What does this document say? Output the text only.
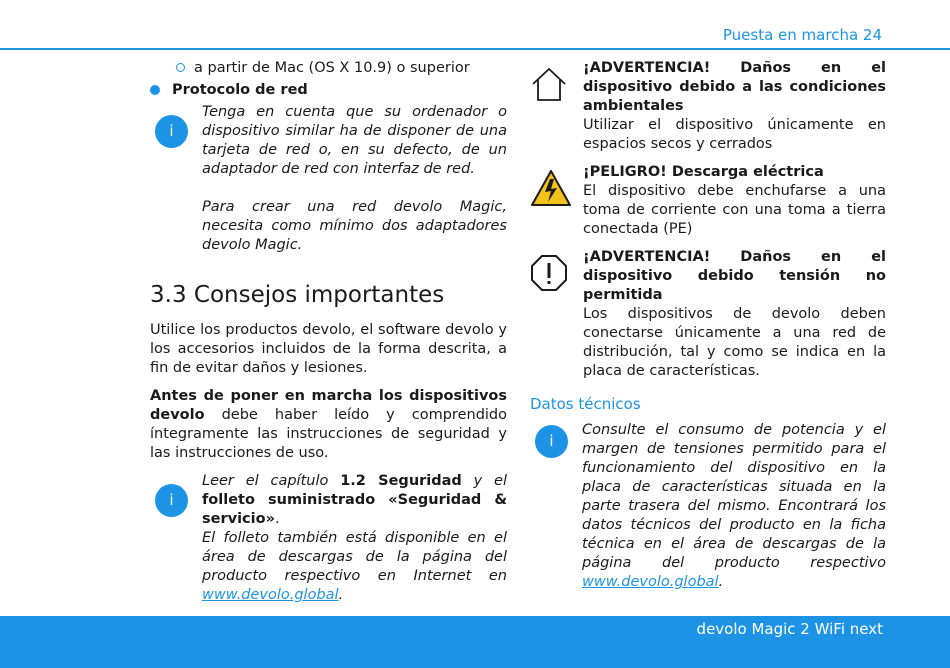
Puesta en marcha 24
a partir de Mac (OS X 10.9) o superior
Protocolo de red
i
Tenga en cuenta que su ordenador o dispositivo similar ha de disponer de una tarjeta de red o, en su defecto, de un adaptador de red con interfaz de red.
Para crear una red devolo Magic, necesita como mínimo dos adaptadores devolo Magic.
3.3 Consejos importantes
Utilice los productos devolo, el software devolo y los accesorios incluidos de la forma descrita, a fin de evitar daños y lesiones.
Antes de poner en marcha los dispositivos devolo debe haber leído y comprendido íntegramente las instrucciones de seguridad y las instrucciones de uso.
i
Leer el capítulo 1.2 Seguridad y el folleto suministrado «Seguridad & servicio».
El folleto también está disponible en el área de descargas de la página del producto respectivo en Internet en www.devolo.global.
¡ADVERTENCIA! Daños en el dispositivo debido a las condiciones ambientales
Utilizar el dispositivo únicamente en espacios secos y cerrados
¡PELIGRO! Descarga eléctrica
El dispositivo debe enchufarse a una toma de corriente con una toma a tierra conectada (PE)
¡ADVERTENCIA! Daños en el dispositivo debido tensión no permitida
Los dispositivos de devolo deben conectarse únicamente a una red de distribución, tal y como se indica en la placa de características.
Datos técnicos
i
Consulte el consumo de potencia y el margen de tensiones permitido para el funcionamiento del dispositivo en la placa de características situada en la parte trasera del mismo. Encontrará los datos técnicos del producto en la ficha técnica en el área de descargas de la página del producto respectivo www.devolo.global.
devolo Magic 2 WiFi next
